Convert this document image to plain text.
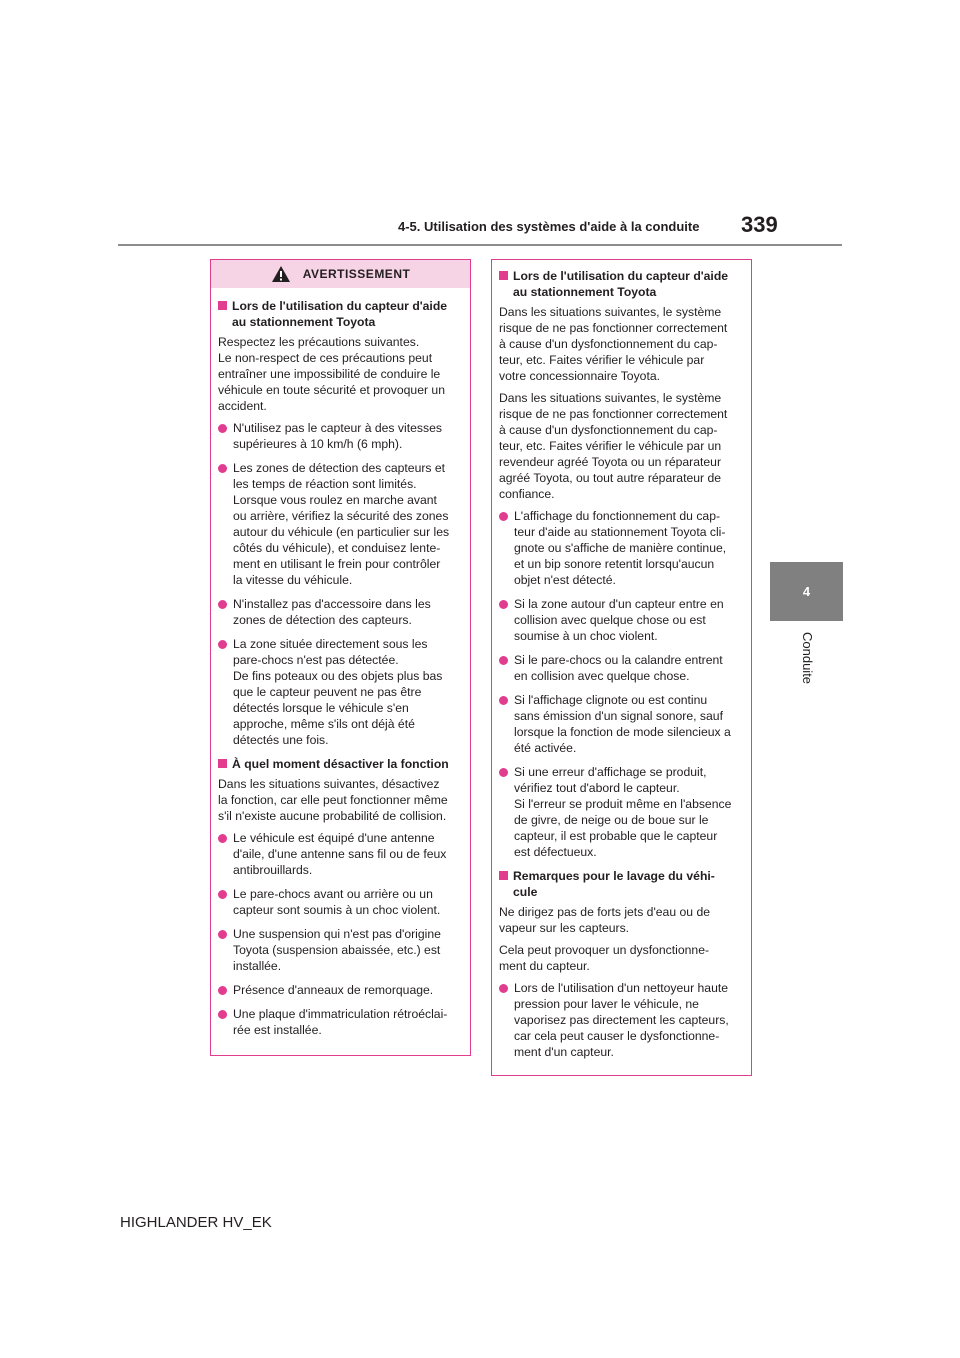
4-5. Utilisation des systèmes d'aide à la conduite 339
4
Conduite
AVERTISSEMENT
Lors de l'utilisation du capteur d'aide
au stationnement Toyota
Respectez les précautions suivantes.
Le non-respect de ces précautions peut
entraîner une impossibilité de conduire le
véhicule en toute sécurité et provoquer un
accident.
N'utilisez pas le capteur à des vitesses
supérieures à 10 km/h (6 mph).
Les zones de détection des capteurs et
les temps de réaction sont limités.
Lorsque vous roulez en marche avant
ou arrière, vérifiez la sécurité des zones
autour du véhicule (en particulier sur les
côtés du véhicule), et conduisez lente-
ment en utilisant le frein pour contrôler
la vitesse du véhicule.
N'installez pas d'accessoire dans les
zones de détection des capteurs.
La zone située directement sous les
pare-chocs n'est pas détectée.
De fins poteaux ou des objets plus bas
que le capteur peuvent ne pas être
détectés lorsque le véhicule s'en
approche, même s'ils ont déjà été
détectés une fois.
À quel moment désactiver la fonction
Dans les situations suivantes, désactivez
la fonction, car elle peut fonctionner même
s'il n'existe aucune probabilité de collision.
Le véhicule est équipé d'une antenne
d'aile, d'une antenne sans fil ou de feux
antibrouillards.
Le pare-chocs avant ou arrière ou un
capteur sont soumis à un choc violent.
Une suspension qui n'est pas d'origine
Toyota (suspension abaissée, etc.) est
installée.
Présence d'anneaux de remorquage.
Une plaque d'immatriculation rétroéclai-
rée est installée.
Lors de l'utilisation du capteur d'aide
au stationnement Toyota
Dans les situations suivantes, le système
risque de ne pas fonctionner correctement
à cause d'un dysfonctionnement du cap-
teur, etc. Faites vérifier le véhicule par
votre concessionnaire Toyota.
Dans les situations suivantes, le système
risque de ne pas fonctionner correctement
à cause d'un dysfonctionnement du cap-
teur, etc. Faites vérifier le véhicule par un
revendeur agréé Toyota ou un réparateur
agréé Toyota, ou tout autre réparateur de
confiance.
L'affichage du fonctionnement du cap-
teur d'aide au stationnement Toyota cli-
gnote ou s'affiche de manière continue,
et un bip sonore retentit lorsqu'aucun
objet n'est détecté.
Si la zone autour d'un capteur entre en
collision avec quelque chose ou est
soumise à un choc violent.
Si le pare-chocs ou la calandre entrent
en collision avec quelque chose.
Si l'affichage clignote ou est continu
sans émission d'un signal sonore, sauf
lorsque la fonction de mode silencieux a
été activée.
Si une erreur d'affichage se produit,
vérifiez tout d'abord le capteur.
Si l'erreur se produit même en l'absence
de givre, de neige ou de boue sur le
capteur, il est probable que le capteur
est défectueux.
Remarques pour le lavage du véhi-
cule
Ne dirigez pas de forts jets d'eau ou de
vapeur sur les capteurs.
Cela peut provoquer un dysfonctionne-
ment du capteur.
Lors de l'utilisation d'un nettoyeur haute
pression pour laver le véhicule, ne
vaporisez pas directement les capteurs,
car cela peut causer le dysfonctionne-
ment d'un capteur.
HIGHLANDER HV_EK
